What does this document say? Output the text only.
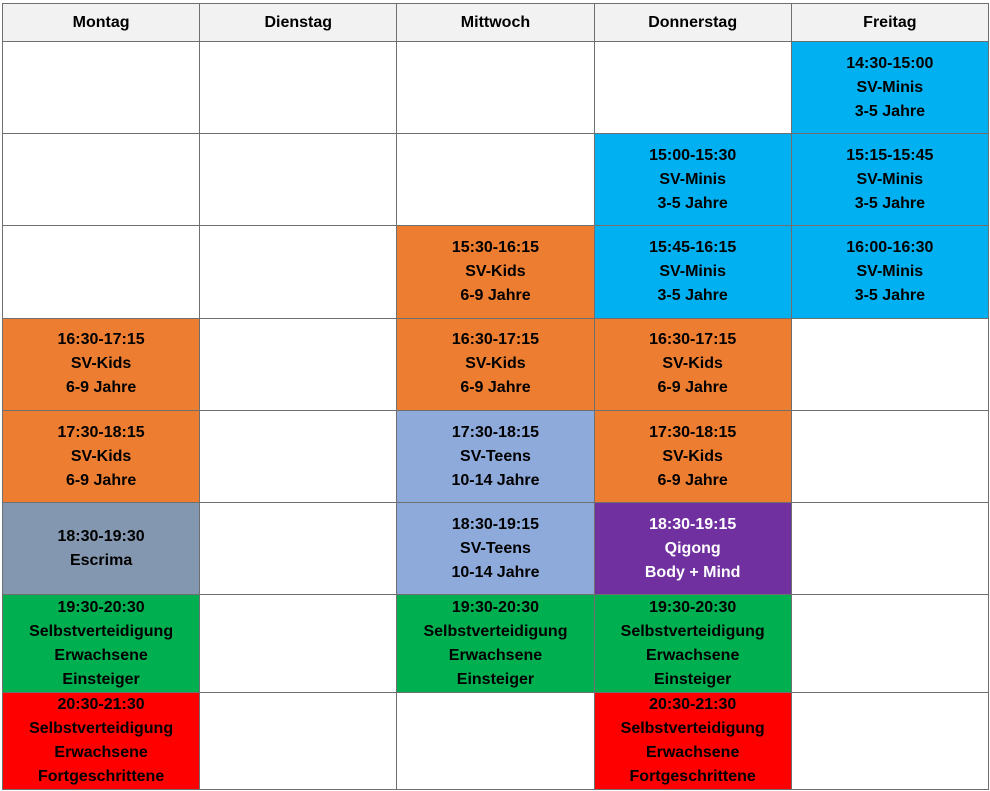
Montag	Dienstag	Mittwoch	Donnerstag	Freitag

				14:30-15:00
SV-Minis
3-5 Jahre

			15:00-15:30
SV-Minis
3-5 Jahre	15:15-15:45
SV-Minis
3-5 Jahre

		15:30-16:15
SV-Kids
6-9 Jahre	15:45-16:15
SV-Minis
3-5 Jahre	16:00-16:30
SV-Minis
3-5 Jahre

16:30-17:15
SV-Kids
6-9 Jahre		16:30-17:15
SV-Kids
6-9 Jahre	16:30-17:15
SV-Kids
6-9 Jahre	

17:30-18:15
SV-Kids
6-9 Jahre		17:30-18:15
SV-Teens
10-14 Jahre	17:30-18:15
SV-Kids
6-9 Jahre	

18:30-19:30
Escrima		18:30-19:15
SV-Teens
10-14 Jahre	18:30-19:15
Qigong
Body + Mind	

19:30-20:30
Selbstverteidigung
Erwachsene
Einsteiger		19:30-20:30
Selbstverteidigung
Erwachsene
Einsteiger	19:30-20:30
Selbstverteidigung
Erwachsene
Einsteiger	

20:30-21:30
Selbstverteidigung
Erwachsene
Fortgeschrittene			20:30-21:30
Selbstverteidigung
Erwachsene
Fortgeschrittene	
